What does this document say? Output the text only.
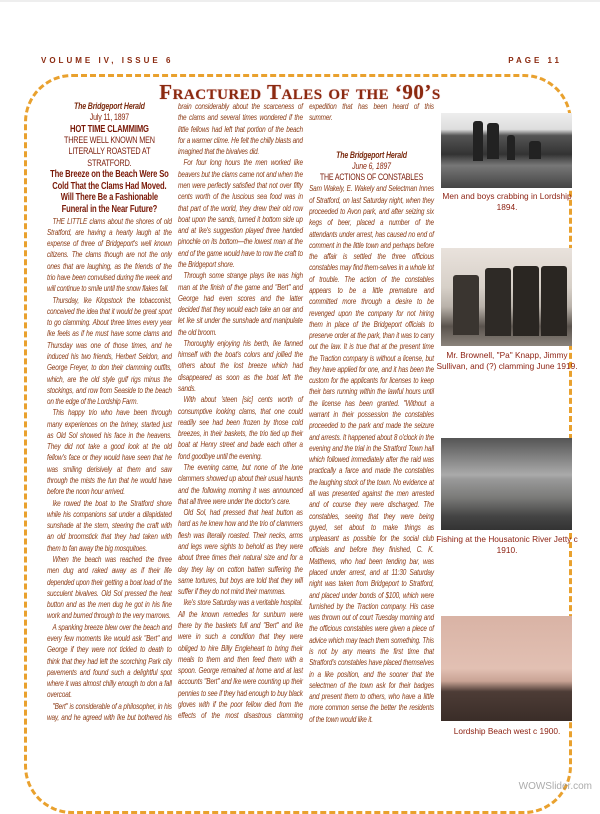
VOLUME IV, ISSUE 6	PAGE 11
Fractured Tales of the ‘90’s
The Bridgeport Herald
July 11, 1897
HOT TIME CLAMMIMG
THREE WELL KNOWN MEN LITERALLY ROASTED AT STRATFORD.
The Breeze on the Beach Were So Cold That the Clams Had Moved. Will There Be a Fashionable Funeral in the Near Future?

THE LITTLE clams about the shores of old Stratford, are having a hearty laugh at the expense of three of Bridgeport's well known citizens. The clams though are not the only ones that are laughing, as the friends of the trio have been convulsed during the week and will continue to smile until the snow flakes fall.

Thursday, Ike Klopstock the tobacconist, conceived the idea that it would be great sport to go clamming. About three times every year Ike feels as if he must have some clams and Thursday was one of those times, and he induced his two friends, Herbert Seldon, and George Freyer, to don their clamming outfits, which, are the old style gulf rigs minus the stockings, and row from Seaside to the beach on the edge of the Lordship Farm.

This happy trio who have been through many experiences on the briney, started just as Old Sol showed his face in the heavens. They did not take a good look at the old fellow's face or they would have seen that he was smiling derisively at them and saw through the mists the fun that he would have before the noon hour arrived.

Ike rowed the boat to the Stratford shore while his companions sat under a dilapidated sunshade at the stern, steering the craft with an old broomstick that they had taken with them to fan away the big mosquitoes.

When the beach was reached the three men dug and raked away as if their life depended upon their getting a boat load of the succulent bivalves. Old Sol pressed the heat button and as the men dug he got in his fine work and burned through to the very marrows.

A spanking breeze blew over the beach and every few moments Ike would ask "Bert" and George if they were not tickled to death to think that they had left the scorching Park city pavements and found such a delightful spot where it was almost chilly enough to don a fall overcoat.

"Bert" is considerable of a philosopher, in his way, and he agreed with Ike but bothered his brain considerably about the scarceness of the clams and several times wondered if the little fellows had left that portion of the beach for a warmer clime. He felt the chilly blasts and imagined that the bivalves did.

For four long hours the men worked like beavers but the clams came not and when the men were perfectly satisfied that not over fifty cents worth of the luscious sea food was in that part of the world, they drew their old row boat upon the sands, turned it bottom side up and at Ike's suggestion played three handed pinochle on its bottom—the lowest man at the end of the game would have to row the craft to the Bridgeport shore.

Through some strange plays Ike was high man at the finish of the game and "Bert" and George had even scores and the latter decided that they would each take an oar and let Ike sit under the sunshade and manipulate the old broom.

Thoroughly enjoying his berth, Ike fanned himself with the boat's colors and jollied the others about the lost breeze which had disappeared as soon as the boat left the sands.

With about 'steen [sic] cents worth of consumptive looking clams, that one could readily see had been frozen by those cold breezes, in their baskets, the trio tied up their boat at Henry street and bade each other a fond goodbye until the evening.

The evening came, but none of the lone clammers showed up about their usual haunts and the following morning it was announced that all three were under the doctor's care.

Old Sol, had pressed that heat button as hard as he knew how and the trio of clammers flesh was literally roasted. Their necks, arms and legs were sights to behold as they were about three times their natural size and for a day they lay on cotton batten suffering the same tortures, but boys are told that they will suffer if they do not mind their mammas.

Ike's store Saturday was a veritable hospital. All the known remedies for sunburn were there by the baskets full and "Bert" and Ike were in such a condition that they were obliged to hire Billy Engleheart to bring their meals to them and then feed them with a spoon. George remained at home and at last accounts "Bert" and Ike were counting up their pennies to see if they had enough to buy black gloves with if the poor fellow died from the effects of the most disastrous clamming expedition that has been heard of this summer.

The Bridgeport Herald
June 6, 1897
THE ACTIONS OF CONSTABLES

Sam Wakely, E. Wakely and Selectman Innes of Stratford, on last Saturday night, when they proceeded to Avon park, and after seizing six kegs of beer, placed a number of the attendants under arrest, has caused no end of comment in the little town and perhaps before the affair is settled the three officious constables may find them-selves in a whole lot of trouble. The action of the constables appears to be a little premature and committed more through a desire to be revenged upon the company for not hiring them in place of the Bridgeport officials to preserve order at the park, than it was to carry out the law. It is true that at the present time the Traction company is without a license, but they have applied for one, and it has been the custom for the applicants for licenses to keep their bars running within the lawful hours until the license has been granted. "Without a warrant in their possession the constables proceeded to the park and made the seizure and arrests. It happened about 8 o'clock in the evening and the trial in the Stratford Town hall which followed immediately after the raid was practically a farce and made the constables the laughing stock of the town. No evidence at all was presented against the men arrested and of course they were discharged. The constables, seeing that they were being guyed, set about to make things as unpleasant as possible for the social club officials and before they finished, C. K. Matthews, who had been tending bar, was placed under arrest, and at 11:30 Saturday night was taken from Bridgeport to Stratford, and placed under bonds of $100, which were furnished by the Traction company. His case was thrown out of court Tuesday morning and the officious constables were given a piece of advice which may teach them something. This is not by any means the first time that Stratford's constables have placed themselves in a like position, and the sooner that the selectmen of the town ask for their badges and present them to others, who have a little more common sense the better the residents of the town would like it.

Men and boys crabbing in Lordship 1894.
Mr. Brownell, "Pa" Knapp, Jimmy Sullivan, and (?) clamming June 1919.
Fishing at the Housatonic River Jetty c 1910.
Lordship Beach west c 1900.
WOWSlider.com
